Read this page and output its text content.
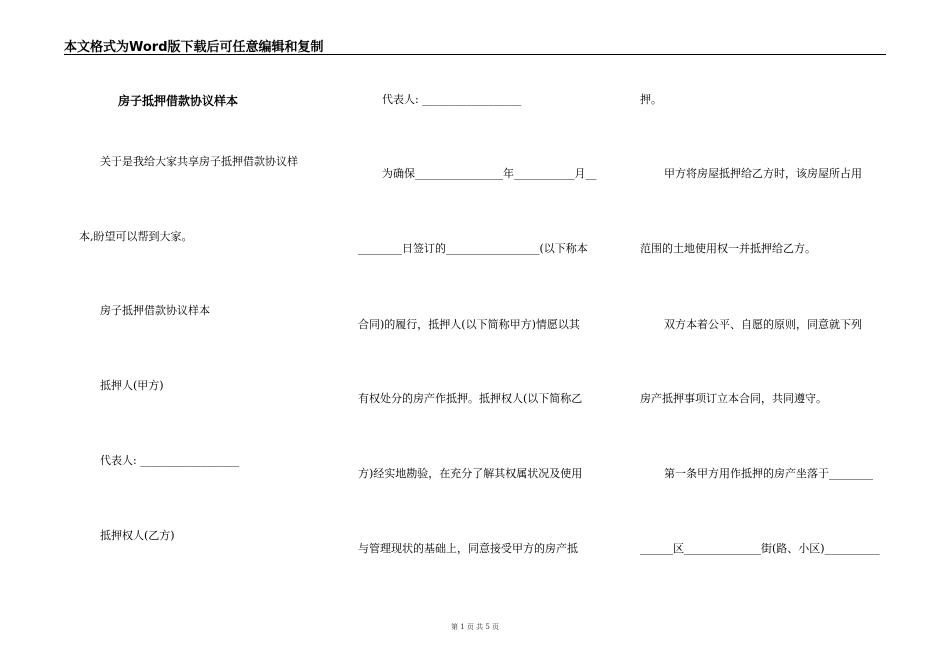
本文格式为Word版下载后可任意编辑和复制
房子抵押借款协议样本
关于是我给大家共享房子抵押借款协议样
本,盼望可以帮到大家。
房子抵押借款协议样本
抵押人(甲方)
代表人: __________________
抵押权人(乙方)
代表人: __________________
为确保________________年___________月__
________日签订的_________________(以下称本
合同)的履行，抵押人(以下简称甲方)情愿以其
有权处分的房产作抵押。抵押权人(以下简称乙
方)经实地勘验，在充分了解其权属状况及使用
与管理现状的基础上，同意接受甲方的房产抵
押。
甲方将房屋抵押给乙方时，该房屋所占用
范围的土地使用权一并抵押给乙方。
双方本着公平、自愿的原则，同意就下列
房产抵押事项订立本合同，共同遵守。
第一条甲方用作抵押的房产坐落于________
______区______________街(路、小区)__________
第 1 页 共 5 页
